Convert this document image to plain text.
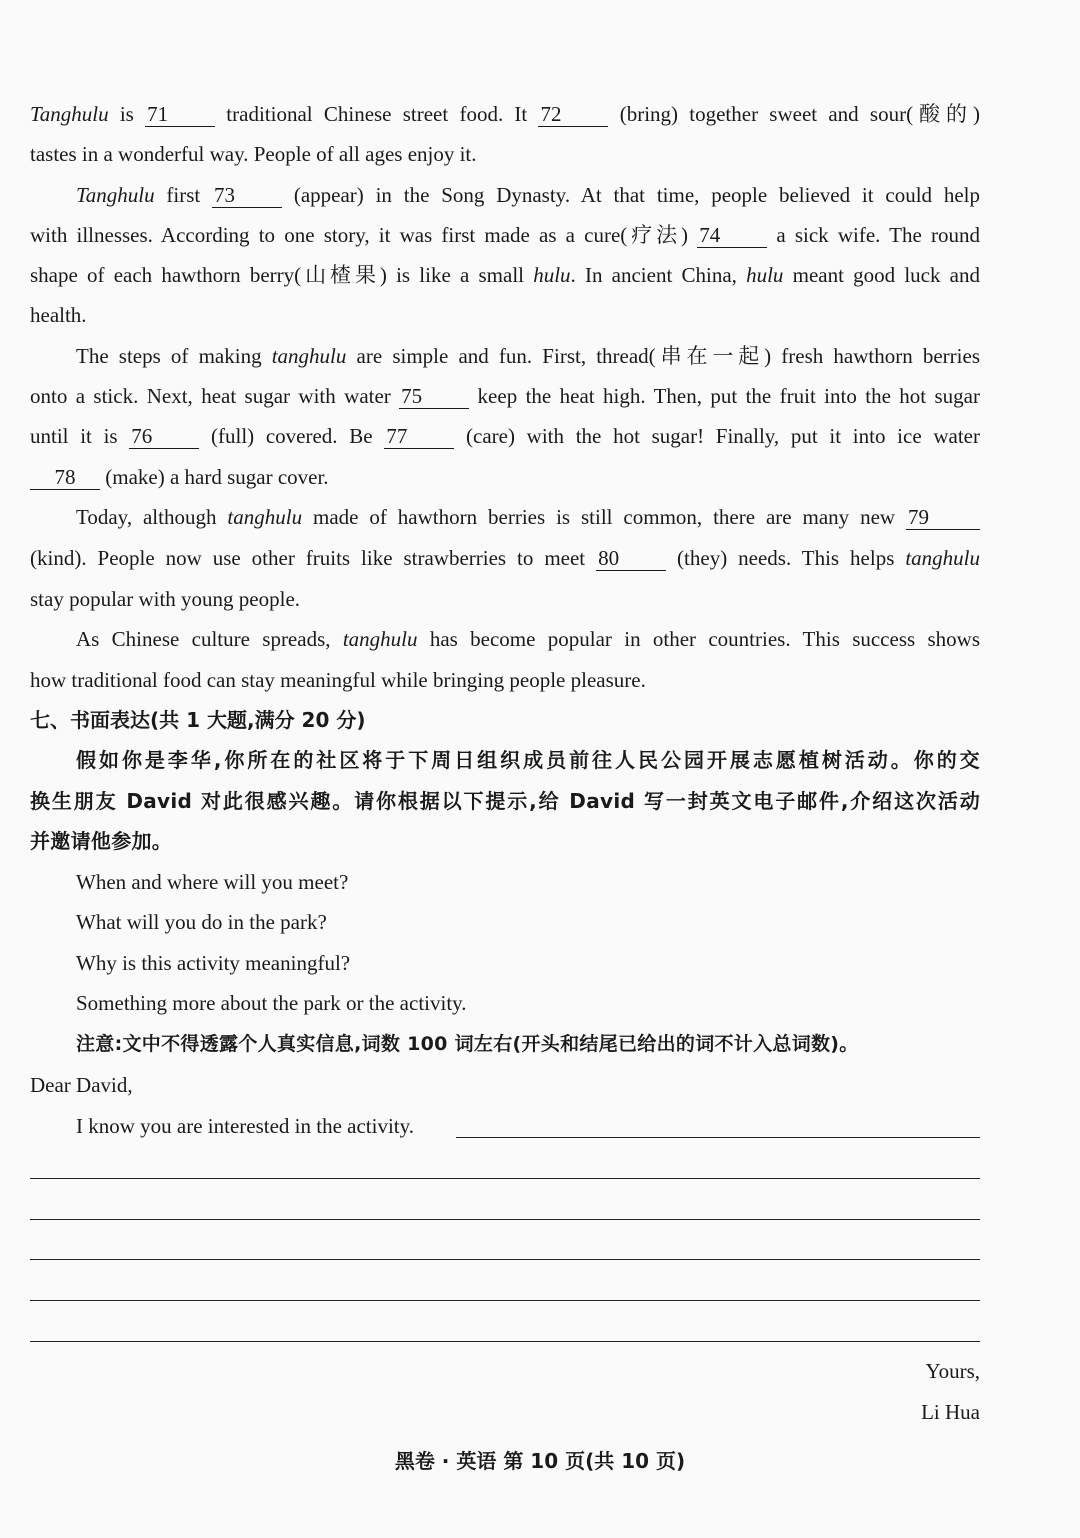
Tanghulu is 71 traditional Chinese street food. It 72 (bring) together sweet and sour(酸的)
tastes in a wonderful way. People of all ages enjoy it.
Tanghulu first 73 (appear) in the Song Dynasty. At that time, people believed it could help
with illnesses. According to one story, it was first made as a cure(疗法) 74 a sick wife. The round
shape of each hawthorn berry(山楂果) is like a small hulu. In ancient China, hulu meant good luck and
health.
The steps of making tanghulu are simple and fun. First, thread(串在一起) fresh hawthorn berries
onto a stick. Next, heat sugar with water 75 keep the heat high. Then, put the fruit into the hot sugar
until it is 76 (full) covered. Be 77 (care) with the hot sugar! Finally, put it into ice water
78 (make) a hard sugar cover.
Today, although tanghulu made of hawthorn berries is still common, there are many new 79
(kind). People now use other fruits like strawberries to meet 80 (they) needs. This helps tanghulu
stay popular with young people.
As Chinese culture spreads, tanghulu has become popular in other countries. This success shows
how traditional food can stay meaningful while bringing people pleasure.
七、书面表达(共 1 大题,满分 20 分)
假如你是李华,你所在的社区将于下周日组织成员前往人民公园开展志愿植树活动。你的交
换生朋友 David 对此很感兴趣。请你根据以下提示,给 David 写一封英文电子邮件,介绍这次活动
并邀请他参加。
When and where will you meet?
What will you do in the park?
Why is this activity meaningful?
Something more about the park or the activity.
注意:文中不得透露个人真实信息,词数 100 词左右(开头和结尾已给出的词不计入总词数)。
Dear David,
I know you are interested in the activity.
Yours,
Li Hua
黑卷 · 英语 第 10 页(共 10 页)
